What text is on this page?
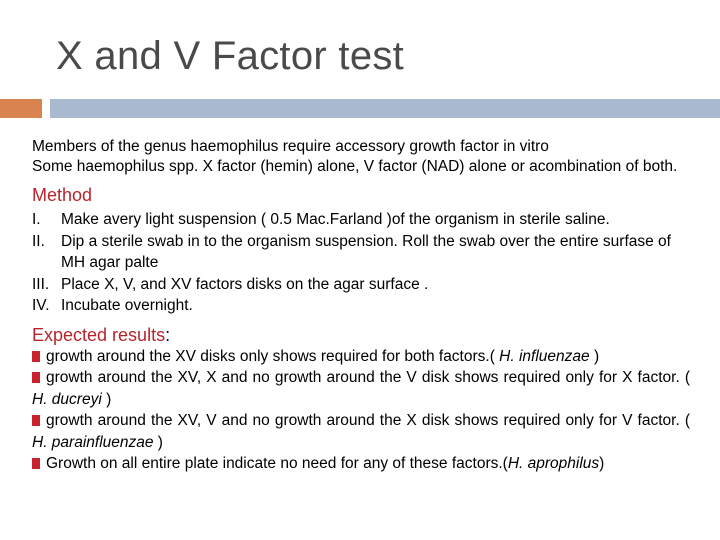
X and V Factor test
Members of the genus haemophilus require accessory growth factor in vitro
Some haemophilus spp. X factor (hemin) alone, V factor (NAD) alone or acombination of both.
Method
I.	Make avery light suspension ( 0.5 Mac.Farland )of the organism in sterile saline.
II.	Dip a sterile swab in to the organism suspension. Roll the swab over the entire surfase of MH agar palte
III. Place X, V, and XV factors disks on the agar surface .
IV. Incubate overnight.
Expected results:
growth around the XV disks only shows required for both factors.( H. influenzae )
growth around the XV, X and no growth around the V disk shows required only for X factor. ( H. ducreyi )
growth around the XV, V and no growth around the X disk shows required only for V factor. ( H. parainfluenzae )
Growth on all entire plate indicate no need for any of these factors.(H. aprophilus)
